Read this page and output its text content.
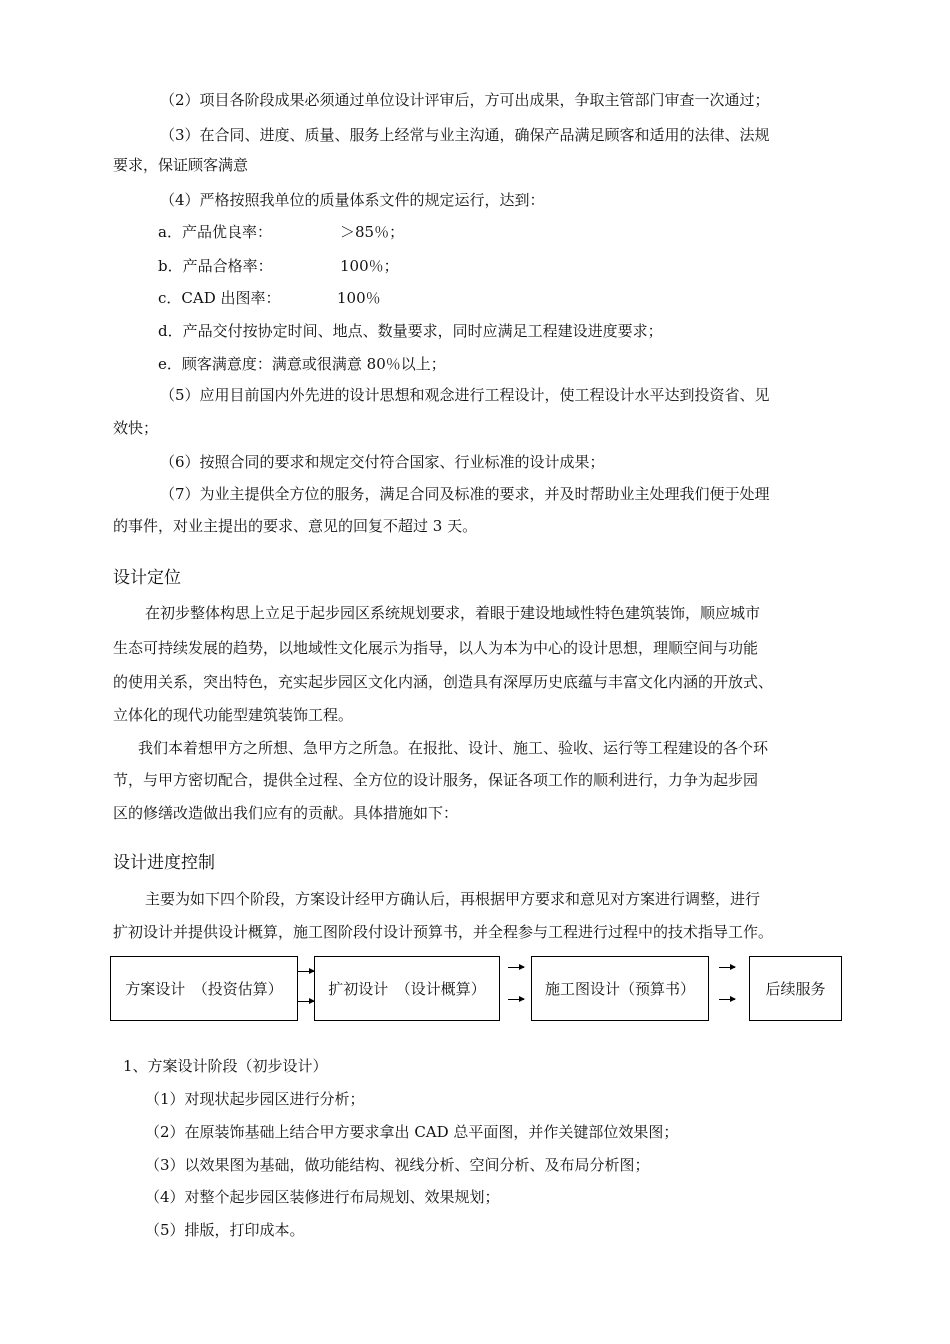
（2）项目各阶段成果必须通过单位设计评审后，方可出成果，争取主管部门审查一次通过；
（3）在合同、进度、质量、服务上经常与业主沟通，确保产品满足顾客和适用的法律、法规
要求，保证顾客满意
（4）严格按照我单位的质量体系文件的规定运行，达到：
a．产品优良率：	＞85％；
b．产品合格率：	100％；
c．CAD 出图率：	100％
d．产品交付按协定时间、地点、数量要求，同时应满足工程建设进度要求；
e．顾客满意度：满意或很满意 80％以上；
（5）应用目前国内外先进的设计思想和观念进行工程设计，使工程设计水平达到投资省、见
效快；
（6）按照合同的要求和规定交付符合国家、行业标准的设计成果；
（7）为业主提供全方位的服务，满足合同及标准的要求，并及时帮助业主处理我们便于处理
的事件，对业主提出的要求、意见的回复不超过 3 天。
设计定位
在初步整体构思上立足于起步园区系统规划要求，着眼于建设地域性特色建筑装饰，顺应城市
生态可持续发展的趋势，以地域性文化展示为指导，以人为本为中心的设计思想，理顺空间与功能
的使用关系，突出特色，充实起步园区文化内涵，创造具有深厚历史底蕴与丰富文化内涵的开放式、
立体化的现代功能型建筑装饰工程。
我们本着想甲方之所想、急甲方之所急。在报批、设计、施工、验收、运行等工程建设的各个环
节，与甲方密切配合，提供全过程、全方位的设计服务，保证各项工作的顺利进行，力争为起步园
区的修缮改造做出我们应有的贡献。具体措施如下：
设计进度控制
主要为如下四个阶段，方案设计经甲方确认后，再根据甲方要求和意见对方案进行调整，进行
扩初设计并提供设计概算，施工图阶段付设计预算书，并全程参与工程进行过程中的技术指导工作。
方案设计　（投资估算）	扩初设计　（设计概算）	施工图设计（预算书）	后续服务
1、方案设计阶段（初步设计）
（1）对现状起步园区进行分析；
（2）在原装饰基础上结合甲方要求拿出 CAD 总平面图，并作关键部位效果图；
（3）以效果图为基础，做功能结构、视线分析、空间分析、及布局分析图；
（4）对整个起步园区装修进行布局规划、效果规划；
（5）排版，打印成本。
